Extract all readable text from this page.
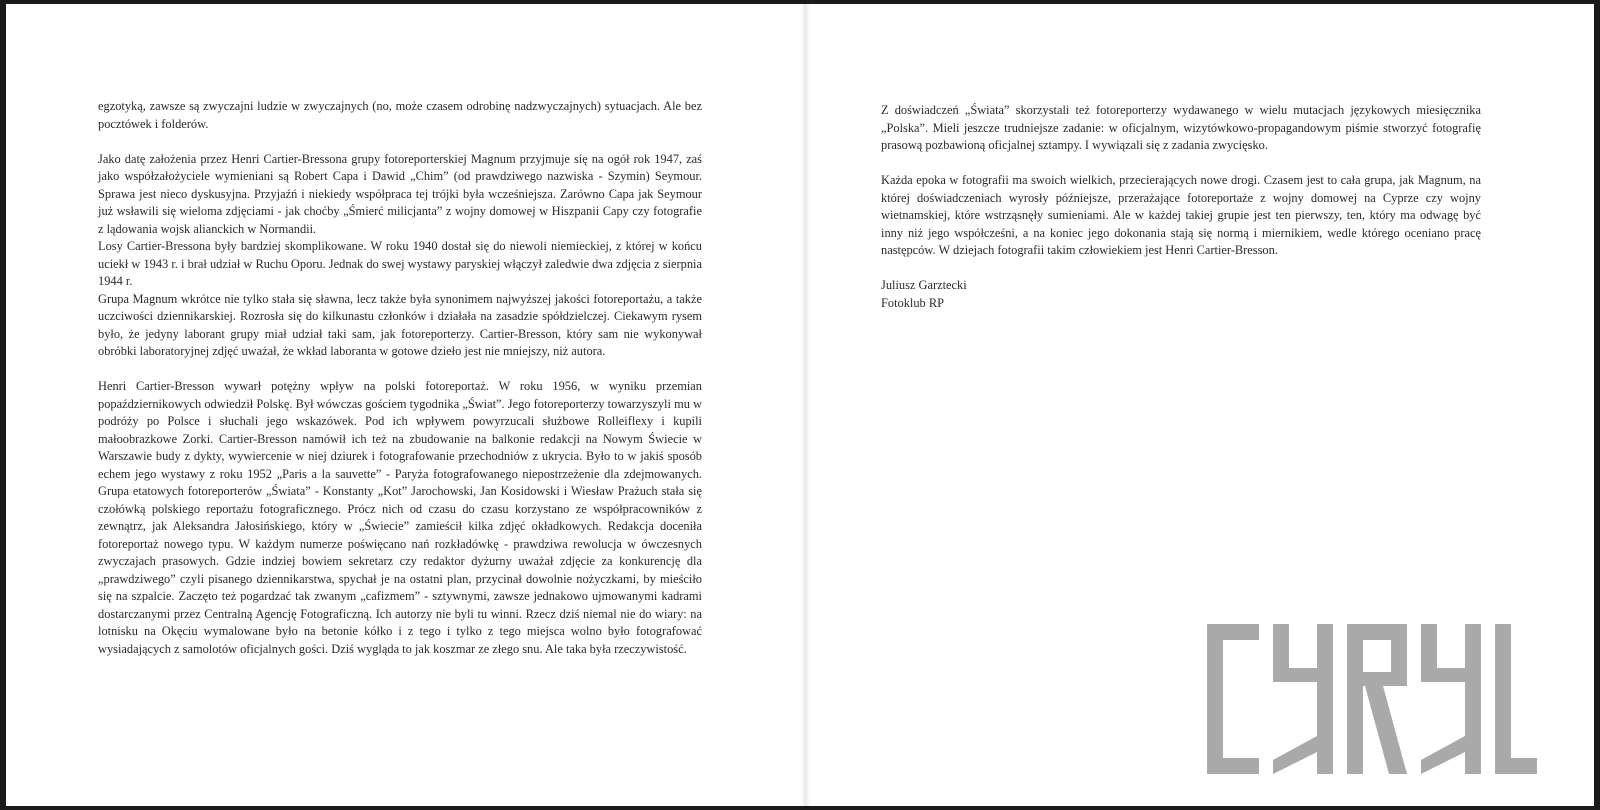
egzotyką, zawsze są zwyczajni ludzie w zwyczajnych (no, może czasem odrobinę nadzwyczajnych) sytuacjach. Ale bez pocztówek i folderów.

Jako datę założenia przez Henri Cartier-Bressona grupy fotoreporterskiej Magnum przyjmuje się na ogół rok 1947, zaś jako współzałożyciele wymieniani są Robert Capa i Dawid „Chim” (od prawdziwego nazwiska - Szymin) Seymour. Sprawa jest nieco dyskusyjna. Przyjaźń i niekiedy współpraca tej trójki była wcześniejsza. Zarówno Capa jak Seymour już wsławili się wieloma zdjęciami - jak choćby „Śmierć milicjanta” z wojny domowej w Hiszpanii Capy czy fotografie z lądowania wojsk alianckich w Normandii.

Losy Cartier-Bressona były bardziej skomplikowane. W roku 1940 dostał się do niewoli niemieckiej, z której w końcu uciekł w 1943 r. i brał udział w Ruchu Oporu. Jednak do swej wystawy paryskiej włączył zaledwie dwa zdjęcia z sierpnia 1944 r.

Grupa Magnum wkrótce nie tylko stała się sławna, lecz także była synonimem najwyższej jakości fotoreportażu, a także uczciwości dziennikarskiej. Rozrosła się do kilkunastu członków i działała na zasadzie spółdzielczej. Ciekawym rysem było, że jedyny laborant grupy miał udział taki sam, jak fotoreporterzy. Cartier-Bresson, który sam nie wykonywał obróbki laboratoryjnej zdjęć uważał, że wkład laboranta w gotowe dzieło jest nie mniejszy, niż autora.

Henri Cartier-Bresson wywarł potężny wpływ na polski fotoreportaż. W roku 1956, w wyniku przemian popaździernikowych odwiedził Polskę. Był wówczas gościem tygodnika „Świat”. Jego fotoreporterzy towarzyszyli mu w podróży po Polsce i słuchali jego wskazówek. Pod ich wpływem powyrzucali służbowe Rolleiflexy i kupili małoobrazkowe Zorki. Cartier-Bresson namówił ich też na zbudowanie na balkonie redakcji na Nowym Świecie w Warszawie budy z dykty, wywiercenie w niej dziurek i fotografowanie przechodniów z ukrycia. Było to w jakiś sposób echem jego wystawy z roku 1952 „Paris a la sauvette” - Paryża fotografowanego niepostrzeżenie dla zdejmowanych. Grupa etatowych fotoreporterów „Świata” - Konstanty „Kot” Jarochowski, Jan Kosidowski i Wiesław Prażuch stała się czołówką polskiego reportażu fotograficznego. Prócz nich od czasu do czasu korzystano ze współpracowników z zewnątrz, jak Aleksandra Jałosińskiego, który w „Świecie” zamieścił kilka zdjęć okładkowych. Redakcja doceniła fotoreportaż nowego typu. W każdym numerze poświęcano nań rozkładówkę - prawdziwa rewolucja w ówczesnych zwyczajach prasowych. Gdzie indziej bowiem sekretarz czy redaktor dyżurny uważał zdjęcie za konkurencję dla „prawdziwego” czyli pisanego dziennikarstwa, spychał je na ostatni plan, przycinał dowolnie nożyczkami, by mieściło się na szpalcie. Zaczęto też pogardzać tak zwanym „cafizmem” - sztywnymi, zawsze jednakowo ujmowanymi kadrami dostarczanymi przez Centralną Agencję Fotograficzną. Ich autorzy nie byli tu winni. Rzecz dziś niemal nie do wiary: na lotnisku na Okęciu wymalowane było na betonie kółko i z tego i tylko z tego miejsca wolno było fotografować wysiadających z samolotów oficjalnych gości. Dziś wygląda to jak koszmar ze złego snu. Ale taka była rzeczywistość.

Z doświadczeń „Świata” skorzystali też fotoreporterzy wydawanego w wielu mutacjach językowych miesięcznika „Polska”. Mieli jeszcze trudniejsze zadanie: w oficjalnym, wizytówkowo-propagandowym piśmie stworzyć fotografię prasową pozbawioną oficjalnej sztampy. I wywiązali się z zadania zwycięsko.

Każda epoka w fotografii ma swoich wielkich, przecierających nowe drogi. Czasem jest to cała grupa, jak Magnum, na której doświadczeniach wyrosły późniejsze, przerażające fotoreportaże z wojny domowej na Cyprze czy wojny wietnamskiej, które wstrząsnęły sumieniami. Ale w każdej takiej grupie jest ten pierwszy, ten, który ma odwagę być inny niż jego współcześni, a na koniec jego dokonania stają się normą i miernikiem, wedle którego oceniano pracę następców. W dziejach fotografii takim człowiekiem jest Henri Cartier-Bresson.

Juliusz Garztecki
Fotoklub RP
